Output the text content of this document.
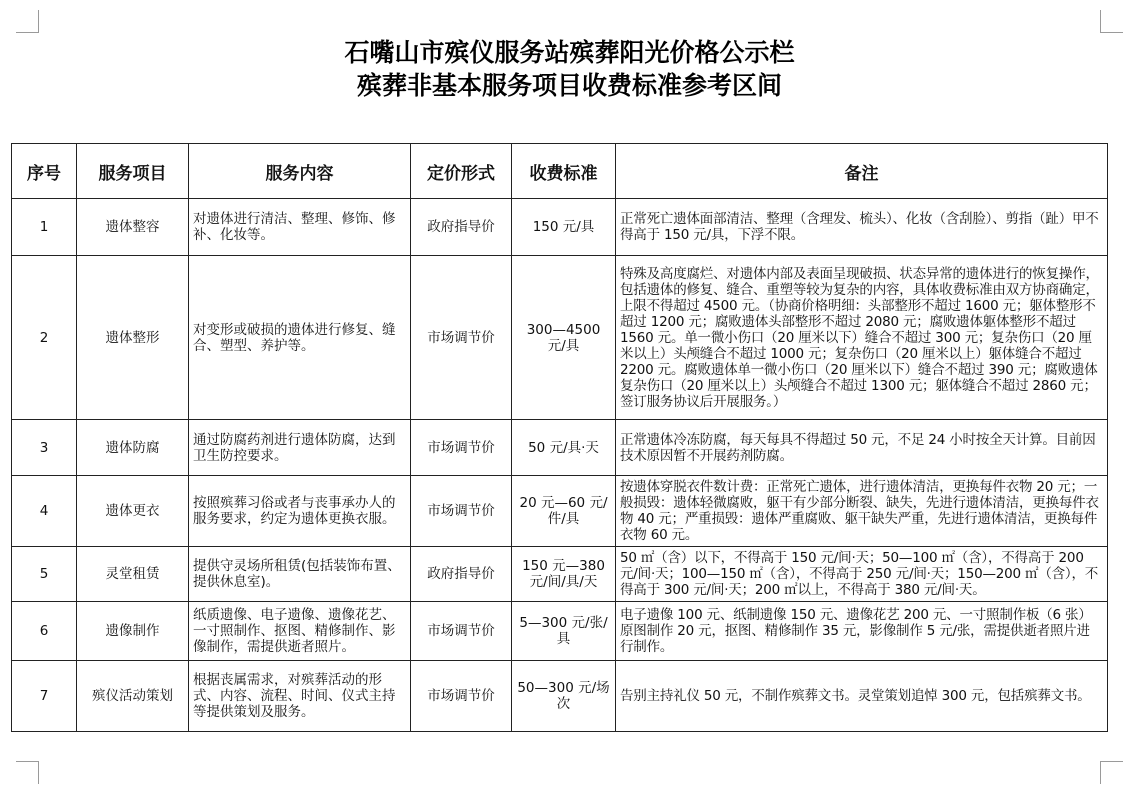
石嘴山市殡仪服务站殡葬阳光价格公示栏
殡葬非基本服务项目收费标准参考区间
序号	服务项目	服务内容	定价形式	收费标准	备注
1	遗体整容	对遗体进行清洁、整理、修饰、修补、化妆等。	政府指导价	150 元/具	正常死亡遗体面部清洁、整理（含理发、梳头）、化妆（含刮脸）、剪指（趾）甲不得高于 150 元/具，下浮不限。
2	遗体整形	对变形或破损的遗体进行修复、缝合、塑型、养护等。	市场调节价	300—4500 元/具	特殊及高度腐烂、对遗体内部及表面呈现破损、状态异常的遗体进行的恢复操作，包括遗体的修复、缝合、重塑等较为复杂的内容，具体收费标准由双方协商确定，上限不得超过 4500 元。（协商价格明细：头部整形不超过 1600 元；躯体整形不超过 1200 元；腐败遗体头部整形不超过 2080 元；腐败遗体躯体整形不超过 1560 元。单一微小伤口（20 厘米以下）缝合不超过 300 元；复杂伤口（20 厘米以上）头颅缝合不超过 1000 元；复杂伤口（20 厘米以上）躯体缝合不超过 2200 元。腐败遗体单一微小伤口（20 厘米以下）缝合不超过 390 元；腐败遗体复杂伤口（20 厘米以上）头颅缝合不超过 1300 元；躯体缝合不超过 2860 元；签订服务协议后开展服务。）
3	遗体防腐	通过防腐药剂进行遗体防腐，达到卫生防控要求。	市场调节价	50 元/具·天	正常遗体冷冻防腐，每天每具不得超过 50 元，不足 24 小时按全天计算。目前因技术原因暂不开展药剂防腐。
4	遗体更衣	按照殡葬习俗或者与丧事承办人的服务要求，约定为遗体更换衣服。	市场调节价	20 元—60 元/件/具	按遗体穿脱衣件数计费：正常死亡遗体，进行遗体清洁，更换每件衣物 20 元；一般损毁：遗体轻微腐败，躯干有少部分断裂、缺失，先进行遗体清洁，更换每件衣物 40 元；严重损毁：遗体严重腐败、躯干缺失严重，先进行遗体清洁，更换每件衣物 60 元。
5	灵堂租赁	提供守灵场所租赁(包括装饰布置、提供休息室)。	政府指导价	150 元—380 元/间/具/天	50 ㎡（含）以下，不得高于 150 元/间·天；50—100 ㎡（含），不得高于 200 元/间·天；100—150 ㎡（含），不得高于 250 元/间·天；150—200 ㎡（含），不得高于 300 元/间·天；200 ㎡以上，不得高于 380 元/间·天。
6	遗像制作	纸质遗像、电子遗像、遗像花艺、一寸照制作、抠图、精修制作、影像制作，需提供逝者照片。	市场调节价	5—300 元/张/具	电子遗像 100 元、纸制遗像 150 元、遗像花艺 200 元、一寸照制作板（6 张）原图制作 20 元，抠图、精修制作 35 元，影像制作 5 元/张，需提供逝者照片进行制作。
7	殡仪活动策划	根据丧属需求，对殡葬活动的形式、内容、流程、时间、仪式主持等提供策划及服务。	市场调节价	50—300 元/场次	告别主持礼仪 50 元，不制作殡葬文书。灵堂策划追悼 300 元，包括殡葬文书。
